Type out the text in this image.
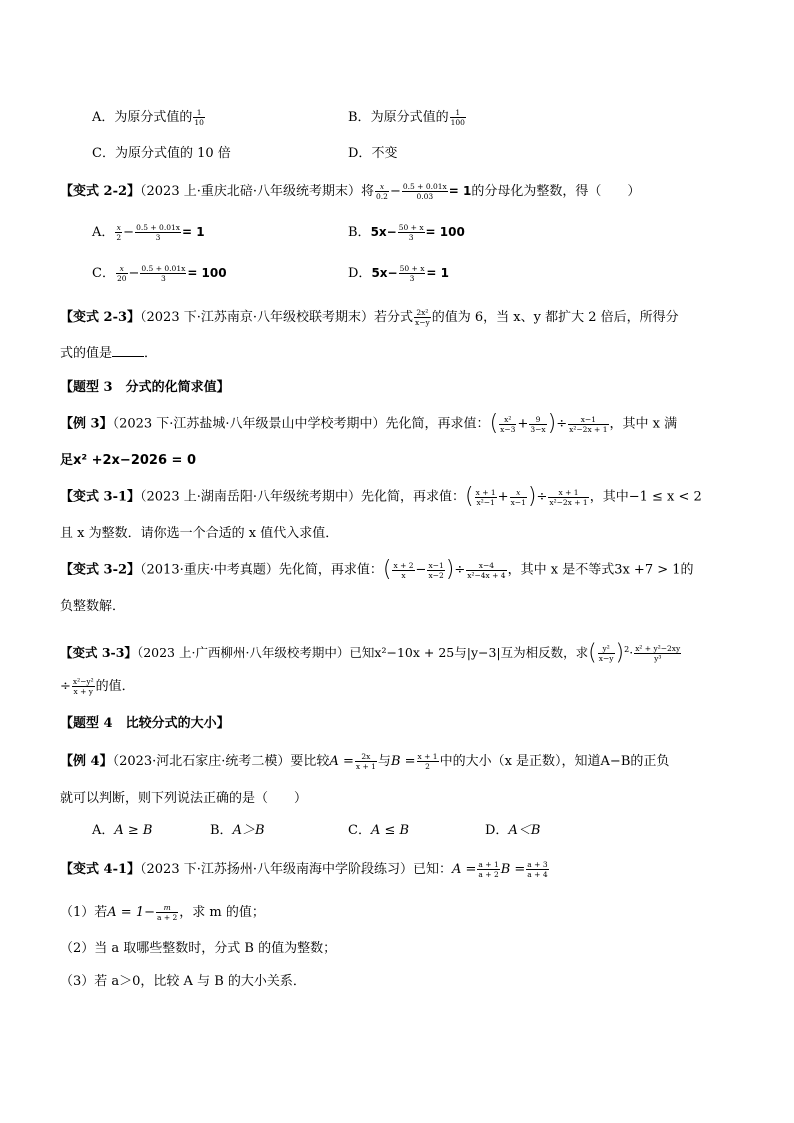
A．为原分式值的 $\frac{1}{10}$	B．为原分式值的 $\frac{1}{100}$
C．为原分式值的 10 倍	D．不变
【变式 2-2】（2023 上·重庆北碚·八年级统考期末）将 $\frac{x}{0.2} - \frac{0.5 + 0.01x}{0.03} = 1$的分母化为整数，得（　　）
A． $\frac{x}{2} - \frac{0.5 + 0.01x}{3} = 1$	B．$5x- \frac{50 + x}{3} = 100$
C． $\frac{x}{20} - \frac{0.5 + 0.01x}{3} = 100$	D．$5x- \frac{50 + x}{3} = 1$
【变式 2-3】（2023 下·江苏南京·八年级校联考期末）若分式 $\frac{\text{2x²}}{x-y}$ 的值为 6，当 x、y 都扩大 2 倍后，所得分
式的值是 ．
【题型 3　分式的化简求值】
【例 3】（2023 下·江苏盐城·八年级景山中学校考期中）先化简，再求值：( $\frac{\text{x²}}{x-3} + \frac{9}{3-x}$ )÷ $\frac{x-1}{\text{x²−2x + 1}}$ ，其中 x 满
足x² +2x−2026 = 0
【变式 3-1】（2023 上·湖南岳阳·八年级统考期中）先化简，再求值：( $\frac{x + 1}{\text{x²−1}} + \frac{x}{x-1}$ )÷ $\frac{x + 1}{\text{x²−2x + 1}}$ ，其中−1 ≤ x < 2
且 x 为整数．请你选一个合适的 x 值代入求值．
【变式 3-2】（2013·重庆·中考真题）先化简，再求值：( $\frac{x + 2}{x} - \frac{x-1}{x-2}$ )÷ $\frac{x-4}{\text{x²−4x + 4}}$ ，其中 x 是不等式3x +7 > 1的
负整数解．
【变式 3-3】（2023 上·广西柳州·八年级校考期中）已知x²−10x + 25与|y−3|互为相反数，求( $\frac{\text{y²}}{x-y} )^2\cdot \frac{\text{x² + y²−2xy}}{\text{y³}}$
÷ $\frac{\text{x²−y²}}{x + y}$ 的值．
【题型 4　比较分式的大小】
【例 4】（2023·河北石家庄·统考二模）要比较$A = \frac{2x}{x + 1}$ 与$B = \frac{x + 1}{2}$ 中的大小（x 是正数），知道A−B的正负
就可以判断，则下列说法正确的是（　　）
A．A ≥ B	B．A＞B	C．A ≤ B	D．A＜B
【变式 4-1】（2023 下·江苏扬州·八年级南海中学阶段练习）已知：$A = \frac{a + 1}{a + 2}$ $B = \frac{a + 3}{a + 4}$
（1）若$A = 1- \frac{m}{a + 2}$ ，求 m 的值；
（2）当 a 取哪些整数时，分式 B 的值为整数；
（3）若 a＞0，比较 A 与 B 的大小关系．
